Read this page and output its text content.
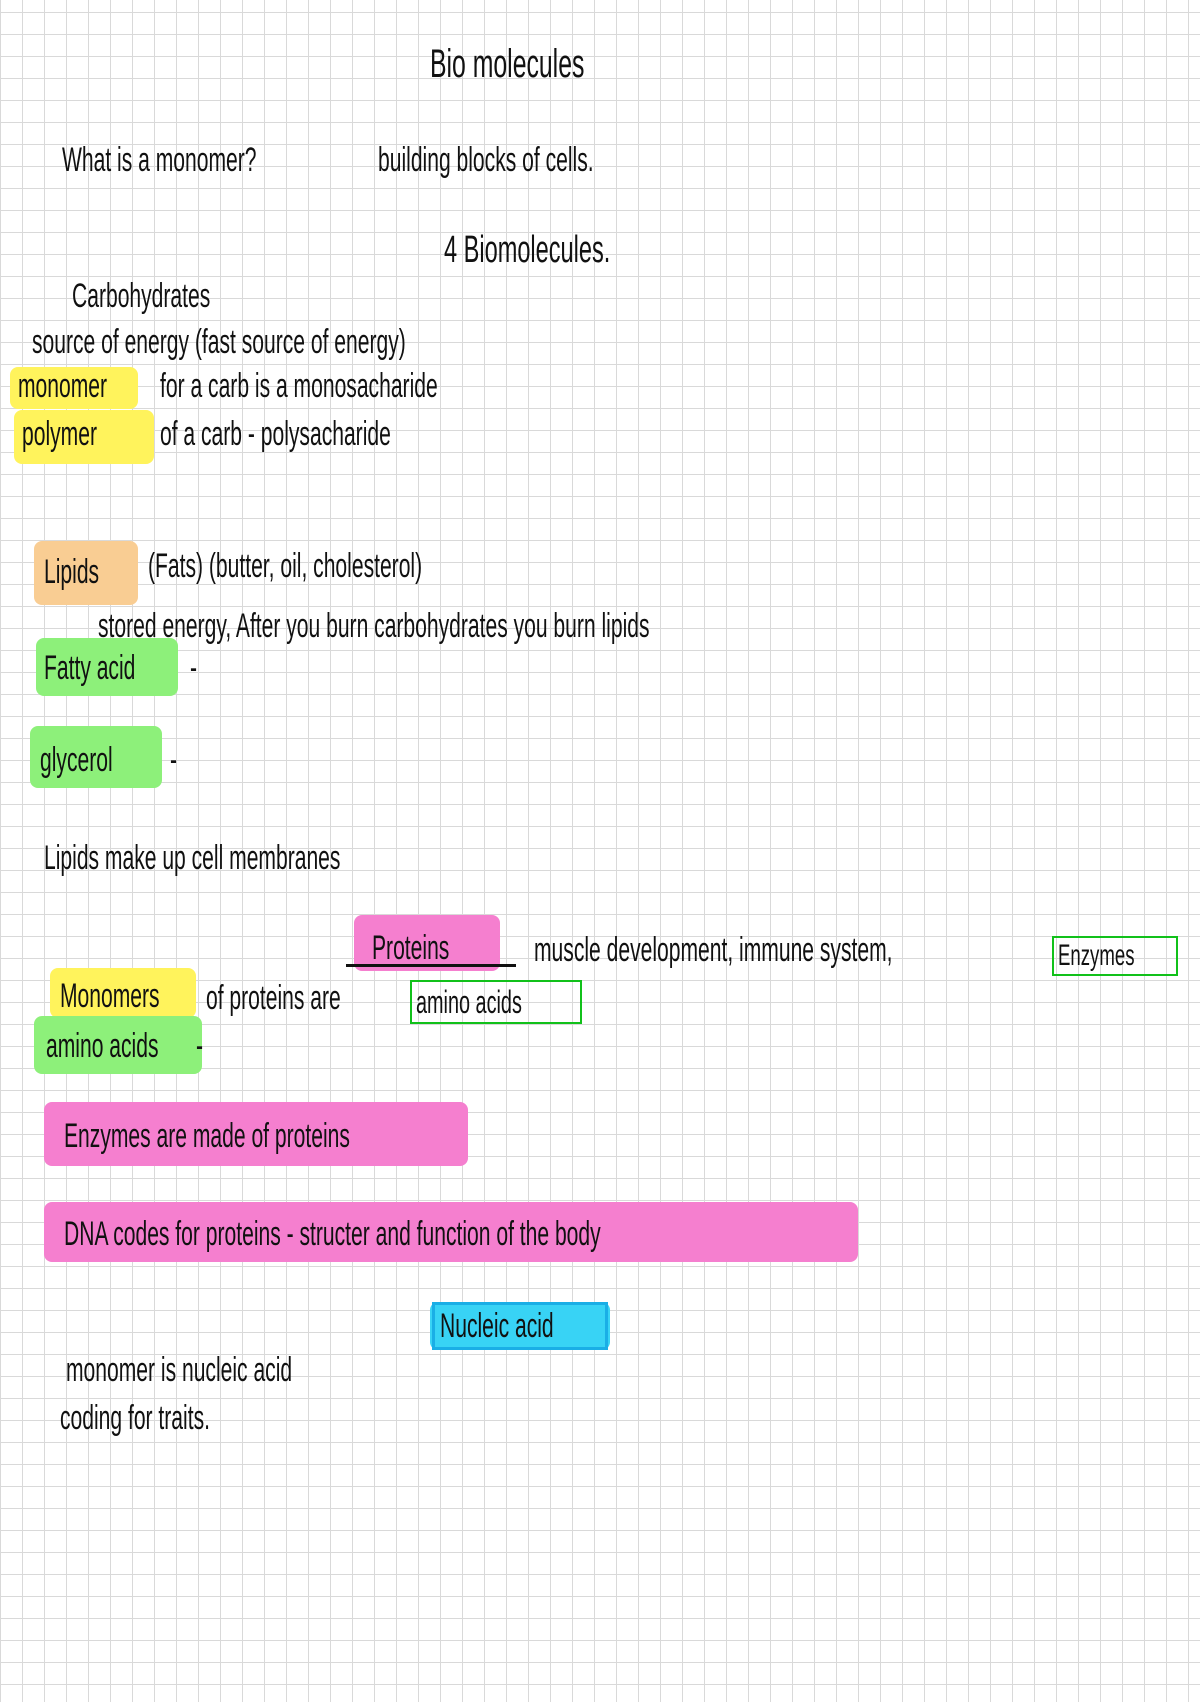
Bio molecules
What is a monomer?	building blocks of cells.
4 Biomolecules.
Carbohydrates
source of energy (fast source of energy)
monomer for a carb is a monosacharide
polymer of a carb - polysacharide
Lipids (Fats) (butter, oil, cholesterol)
stored energy, After you burn carbohydrates you burn lipids
Fatty acid -
glycerol -
Lipids make up cell membranes
Proteins muscle development, immune system,	Enzymes
Monomers of proteins are amino acids
amino acids -
Enzymes are made of proteins
DNA codes for proteins - structer and function of the body
Nucleic acid
monomer is nucleic acid
coding for traits.
